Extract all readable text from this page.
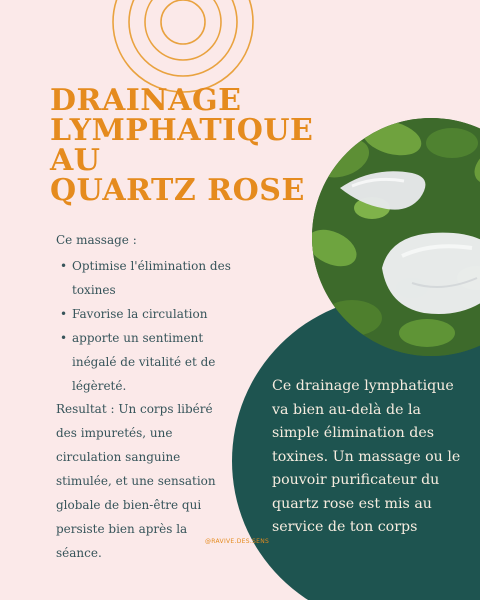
DRAINAGE
LYMPHATIQUE
AU
QUARTZ ROSE

Ce massage :

• Optimise l'élimination des toxines
• Favorise la circulation
• apporte un sentiment inégalé de vitalité et de légèreté.

Resultat : Un corps libéré des impuretés, une circulation sanguine stimulée, et une sensation globale de bien-être qui persiste bien après la séance.

Ce drainage lymphatique va bien au-delà de la simple élimination des toxines. Un massage ou le pouvoir purificateur du quartz rose est mis au service de ton corps

@RAVIVE.DES.SENS
